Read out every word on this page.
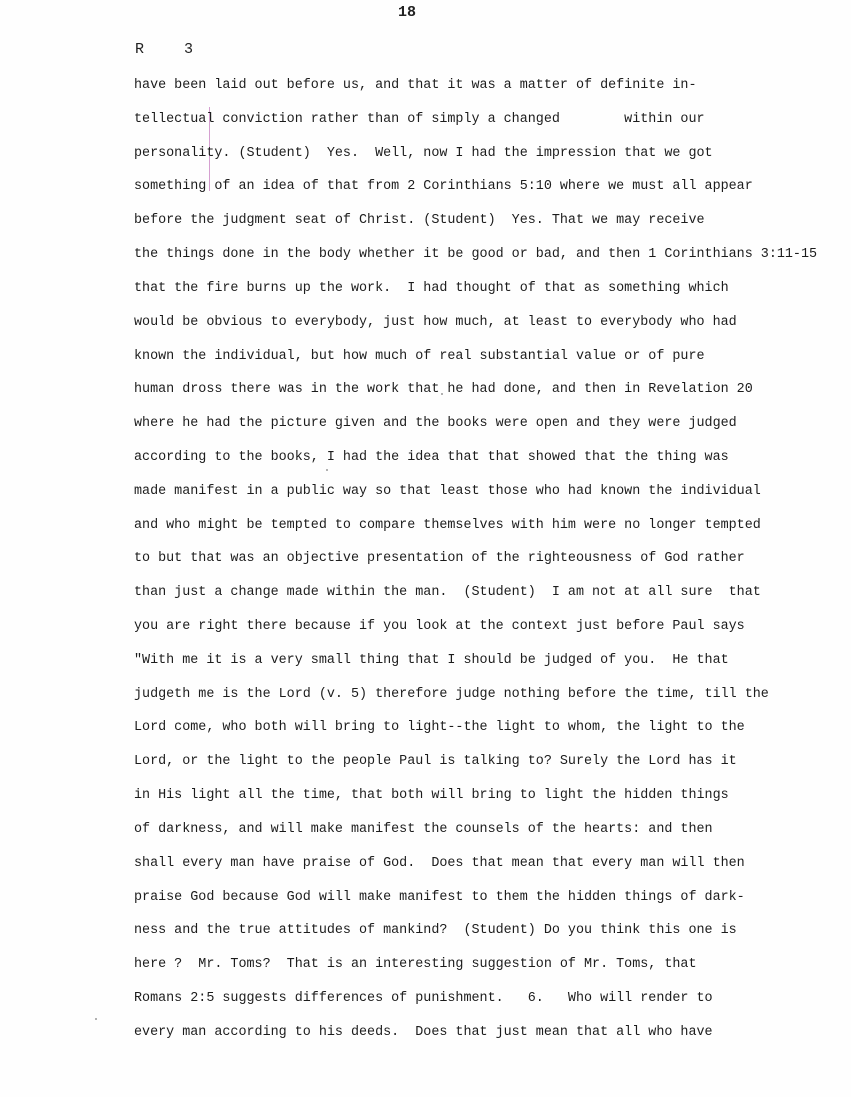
18
R	3
have been laid out before us, and that it was a matter of definite in-
tellectual conviction rather than of simply a changed        within our
personality. (Student)  Yes.  Well, now I had the impression that we got
something of an idea of that from 2 Corinthians 5:10 where we must all appear
before the judgment seat of Christ. (Student)  Yes. That we may receive
the things done in the body whether it be good or bad, and then 1 Corinthians 3:11-15
that the fire burns up the work.  I had thought of that as something which
would be obvious to everybody, just how much, at least to everybody who had
known the individual, but how much of real substantial value or of pure
human dross there was in the work that he had done, and then in Revelation 20
where he had the picture given and the books were open and they were judged
according to the books, I had the idea that that showed that the thing was
made manifest in a public way so that least those who had known the individual
and who might be tempted to compare themselves with him were no longer tempted
to but that was an objective presentation of the righteousness of God rather
than just a change made within the man.  (Student)  I am not at all sure  that
you are right there because if you look at the context just before Paul says
"With me it is a very small thing that I should be judged of you.  He that
judgeth me is the Lord (v. 5) therefore judge nothing before the time, till the
Lord come, who both will bring to light--the light to whom, the light to the
Lord, or the light to the people Paul is talking to? Surely the Lord has it
in His light all the time, that both will bring to light the hidden things
of darkness, and will make manifest the counsels of the hearts: and then
shall every man have praise of God.  Does that mean that every man will then
praise God because God will make manifest to them the hidden things of dark-
ness and the true attitudes of mankind?  (Student) Do you think this one is
here ?  Mr. Toms?  That is an interesting suggestion of Mr. Toms, that
Romans 2:5 suggests differences of punishment.   6.   Who will render to
every man according to his deeds.  Does that just mean that all who have
